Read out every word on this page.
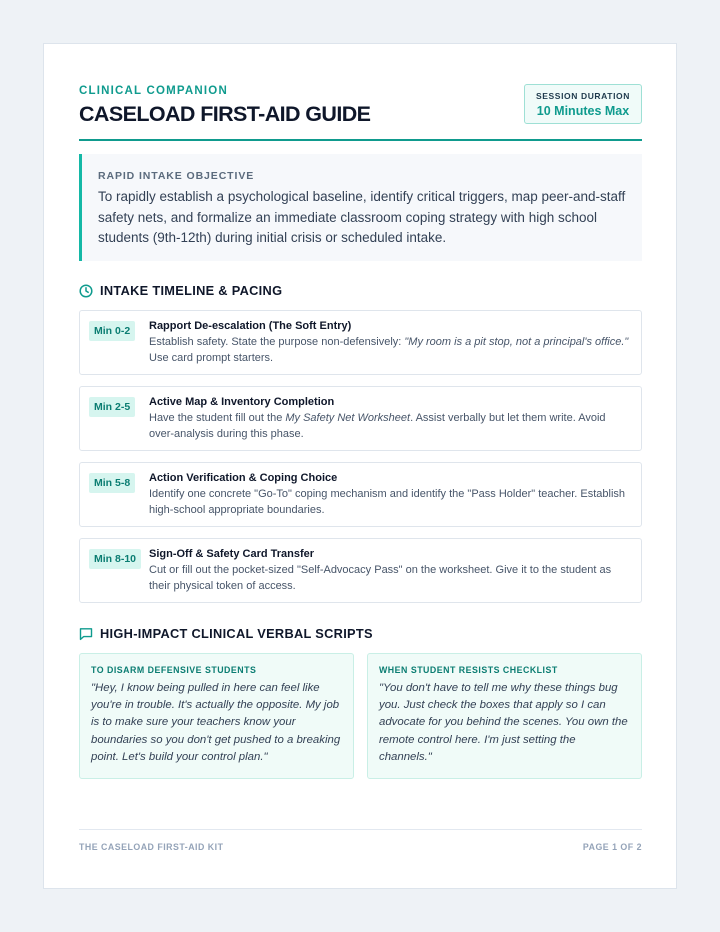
CLINICAL COMPANION
CASELOAD FIRST-AID GUIDE
SESSION DURATION
10 Minutes Max
RAPID INTAKE OBJECTIVE
To rapidly establish a psychological baseline, identify critical triggers, map peer-and-staff safety nets, and formalize an immediate classroom coping strategy with high school students (9th-12th) during initial crisis or scheduled intake.
INTAKE TIMELINE & PACING
Min 0-2	Rapport De-escalation (The Soft Entry)
Establish safety. State the purpose non-defensively: "My room is a pit stop, not a principal's office." Use card prompt starters.
Min 2-5	Active Map & Inventory Completion
Have the student fill out the My Safety Net Worksheet. Assist verbally but let them write. Avoid over-analysis during this phase.
Min 5-8	Action Verification & Coping Choice
Identify one concrete "Go-To" coping mechanism and identify the "Pass Holder" teacher. Establish high-school appropriate boundaries.
Min 8-10	Sign-Off & Safety Card Transfer
Cut or fill out the pocket-sized "Self-Advocacy Pass" on the worksheet. Give it to the student as their physical token of access.
HIGH-IMPACT CLINICAL VERBAL SCRIPTS
TO DISARM DEFENSIVE STUDENTS
"Hey, I know being pulled in here can feel like you're in trouble. It's actually the opposite. My job is to make sure your teachers know your boundaries so you don't get pushed to a breaking point. Let's build your control plan."
WHEN STUDENT RESISTS CHECKLIST
"You don't have to tell me why these things bug you. Just check the boxes that apply so I can advocate for you behind the scenes. You own the remote control here. I'm just setting the channels."
THE CASELOAD FIRST-AID KIT	PAGE 1 OF 2
